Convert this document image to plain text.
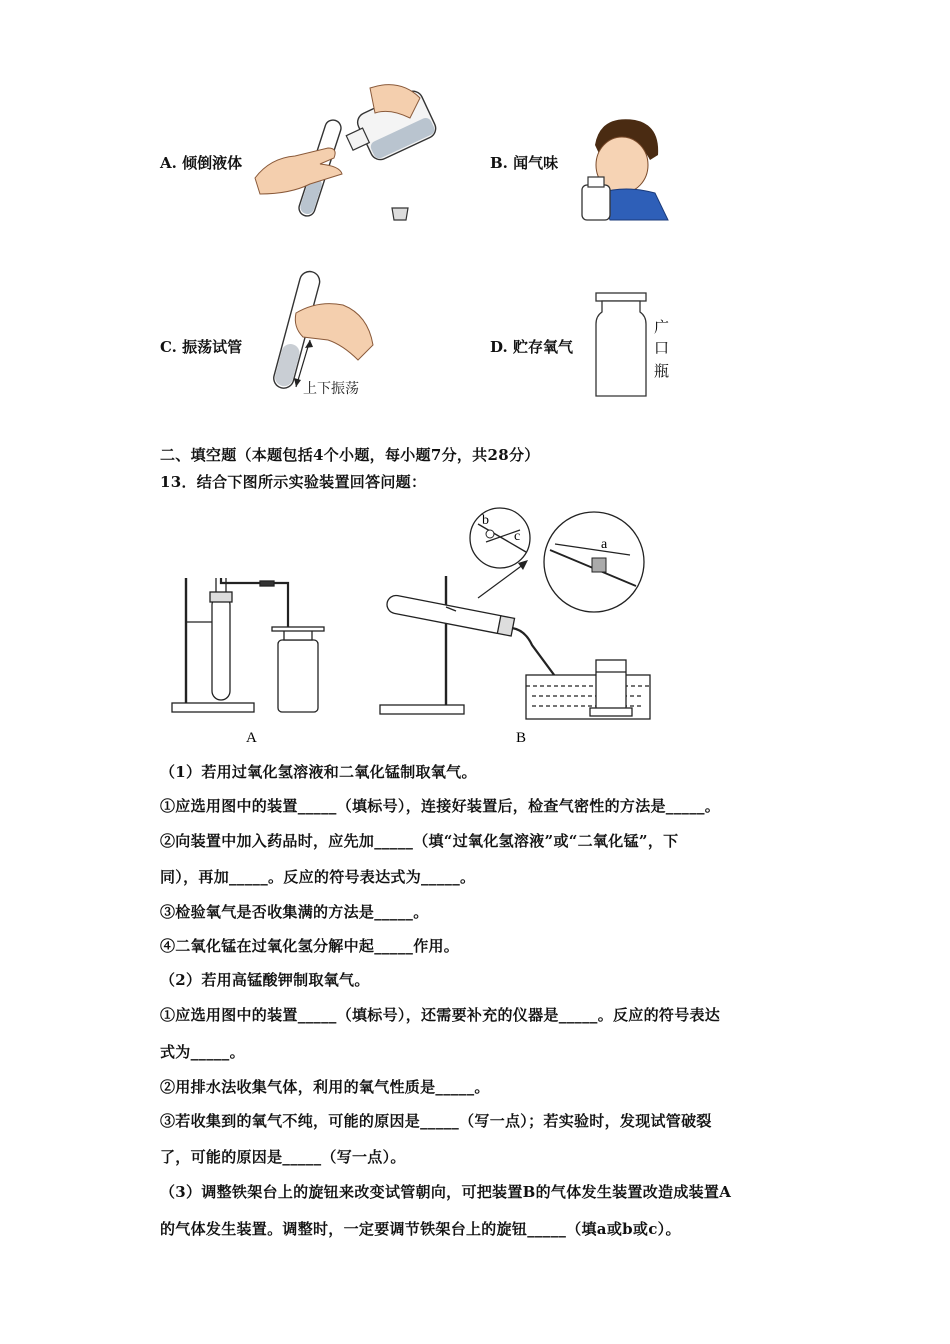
A. 倾倒液体	B. 闻气味
C. 振荡试管
上下振荡
D. 贮存氧气
广
口
瓶
二、填空题（本题包括4个小题，每小题7分，共28分）
13．结合下图所示实验装置回答问题：
A	B
b
c
a
（1）若用过氧化氢溶液和二氧化锰制取氧气。
①应选用图中的装置_____（填标号），连接好装置后，检查气密性的方法是_____。
②向装置中加入药品时，应先加_____（填“过氧化氢溶液”或“二氧化锰”，下
同），再加_____。反应的符号表达式为_____。
③检验氧气是否收集满的方法是_____。
④二氧化锰在过氧化氢分解中起_____作用。
（2）若用高锰酸钾制取氧气。
①应选用图中的装置_____（填标号），还需要补充的仪器是_____。反应的符号表达
式为_____。
②用排水法收集气体，利用的氧气性质是_____。
③若收集到的氧气不纯，可能的原因是_____（写一点）；若实验时，发现试管破裂
了，可能的原因是_____（写一点）。
（3）调整铁架台上的旋钮来改变试管朝向，可把装置B的气体发生装置改造成装置A
的气体发生装置。调整时，一定要调节铁架台上的旋钮_____（填a或b或c）。
